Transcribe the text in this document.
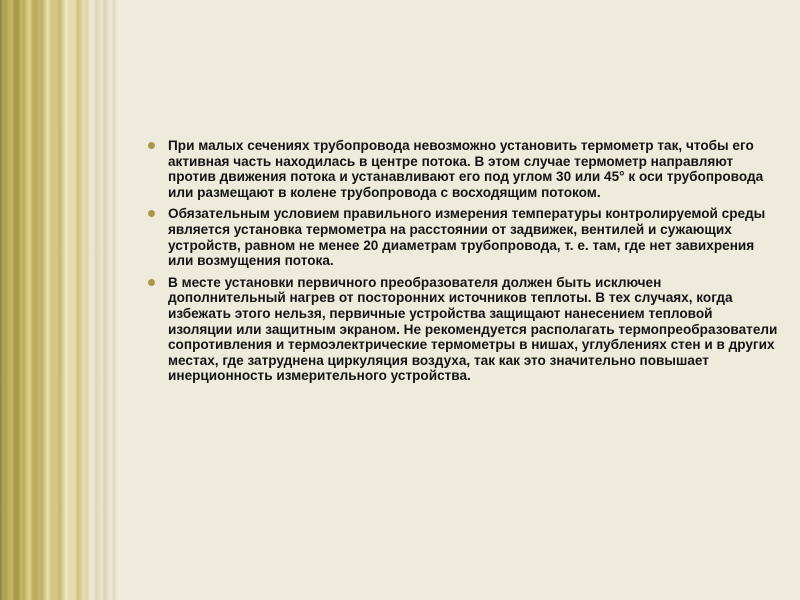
При малых сечениях трубопровода невозможно установить термометр так, чтобы его активная часть находилась в центре потока. В этом случае термометр направляют против движения потока и устанавливают его под углом 30 или 45° к оси трубопровода или размещают в колене трубопровода с восходящим потоком.
Обязательным условием правильного измерения температуры контролируемой среды является установка термометра на расстоянии от задвижек, вентилей и сужающих устройств, равном не менее 20 диаметрам трубопровода, т. е. там, где нет завихрения или возмущения потока.
В месте установки первичного преобразователя должен быть исключен дополнительный нагрев от посторонних источников теплоты. В тех случаях, когда избежать этого нельзя, первичные устройства защищают нанесением тепловой изоляции или защитным экраном. Не рекомендуется располагать термопреобразователи сопротивления и термоэлектрические термометры в нишах, углублениях стен и в других местах, где затруднена циркуляция воздуха, так как это значительно повышает инерционность измерительного устройства.
